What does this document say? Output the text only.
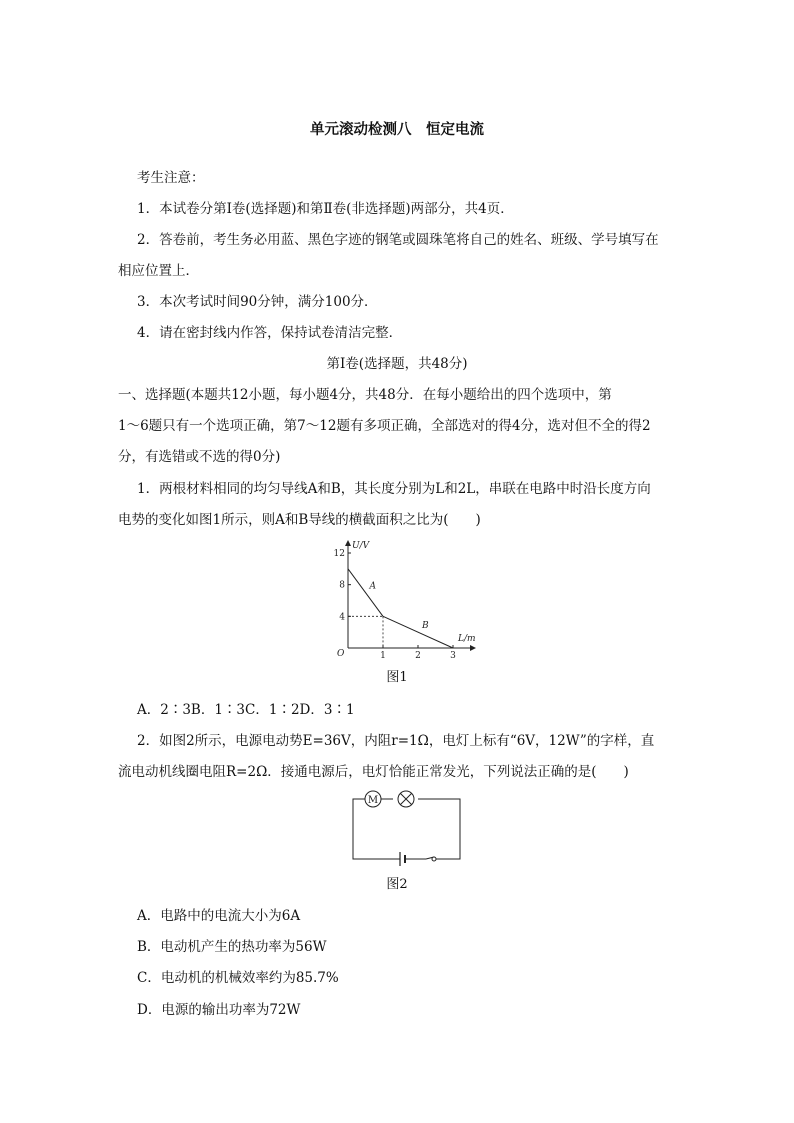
单元滚动检测八　恒定电流
考生注意：
1．本试卷分第Ⅰ卷(选择题)和第Ⅱ卷(非选择题)两部分，共4页．
2．答卷前，考生务必用蓝、黑色字迹的钢笔或圆珠笔将自己的姓名、班级、学号填写在
相应位置上．
3．本次考试时间90分钟，满分100分．
4．请在密封线内作答，保持试卷清洁完整．
第Ⅰ卷(选择题，共48分)
一、选择题(本题共12小题，每小题4分，共48分．在每小题给出的四个选项中，第
1～6题只有一个选项正确，第7～12题有多项正确，全部选对的得4分，选对但不全的得2
分，有选错或不选的得0分)
1．两根材料相同的均匀导线A和B，其长度分别为L和2L，串联在电路中时沿长度方向
电势的变化如图1所示，则A和B导线的横截面积之比为(　　)
U/V
L/m
O	1	2	3
4
8
12
A
B
图1
A．2∶3B．1∶3C．1∶2D．3∶1
2．如图2所示，电源电动势E=36V，内阻r=1Ω，电灯上标有“6V，12W”的字样，直
流电动机线圈电阻R=2Ω．接通电源后，电灯恰能正常发光，下列说法正确的是(　　)
M
图2
A．电路中的电流大小为6A
B．电动机产生的热功率为56W
C．电动机的机械效率约为85.7%
D．电源的输出功率为72W
